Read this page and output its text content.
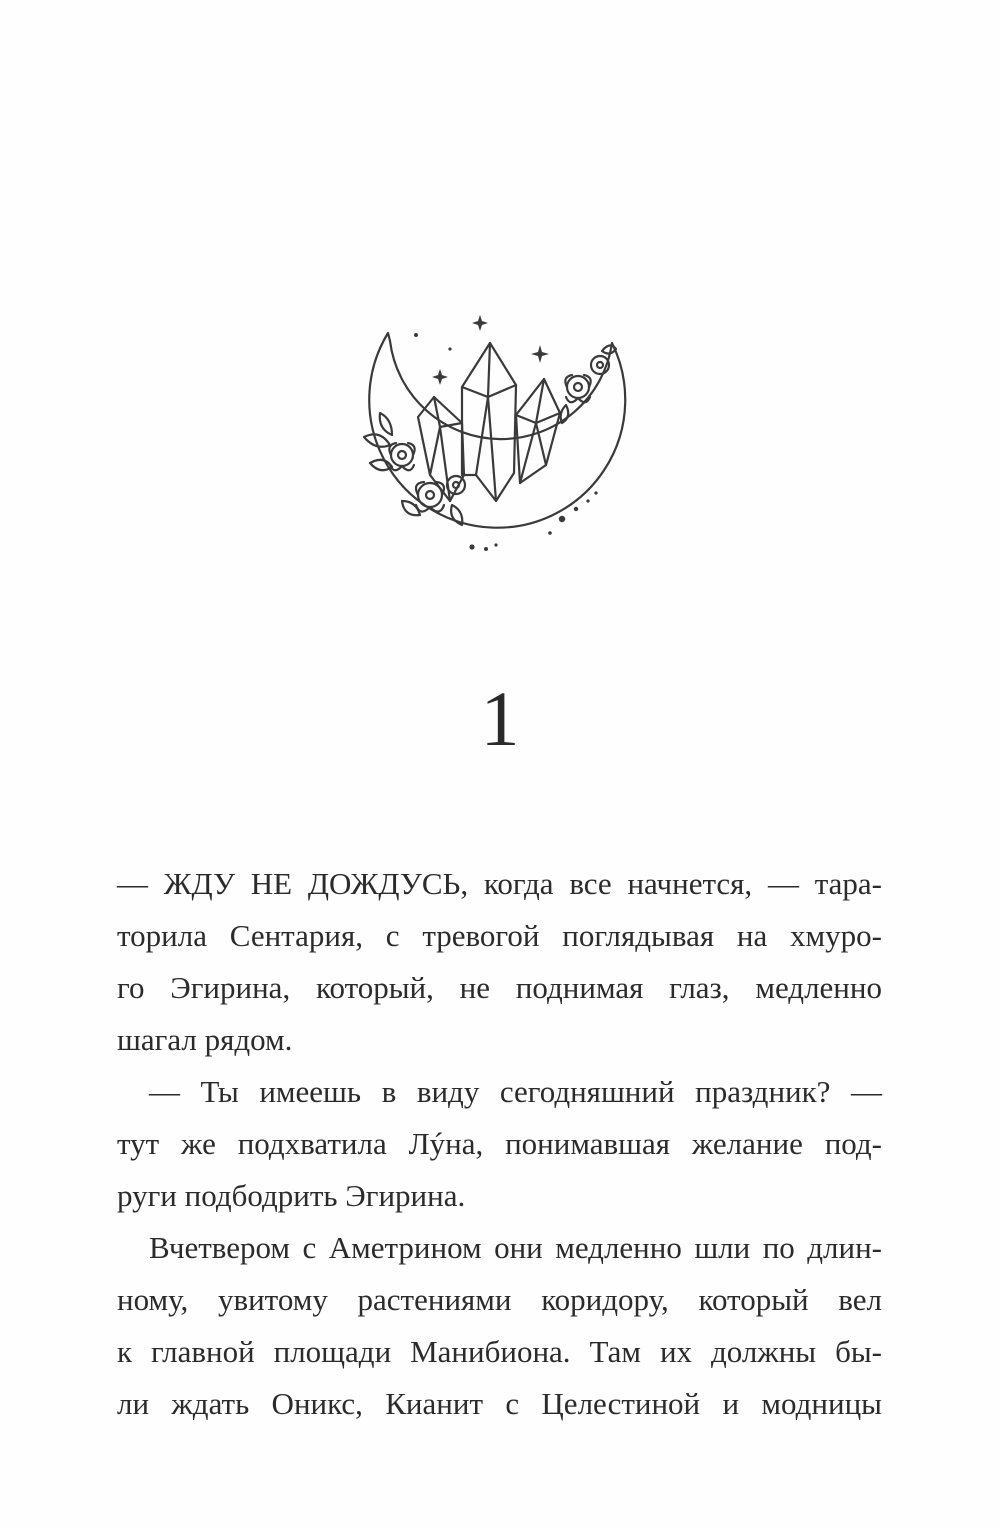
1
— ЖДУ НЕ ДОЖДУСЬ, когда все начнется, — тара-
торила Сентария, с тревогой поглядывая на хмуро-
го Эгирина, который, не поднимая глаз, медленно
шагал рядом.
— Ты имеешь в виду сегодняшний праздник? —
тут же подхватила Лýна, понимавшая желание под-
руги подбодрить Эгирина.
Вчетвером с Аметрином они медленно шли по длин-
ному, увитому растениями коридору, который вел
к главной площади Манибиона. Там их должны бы-
ли ждать Оникс, Кианит с Целестиной и модницы
